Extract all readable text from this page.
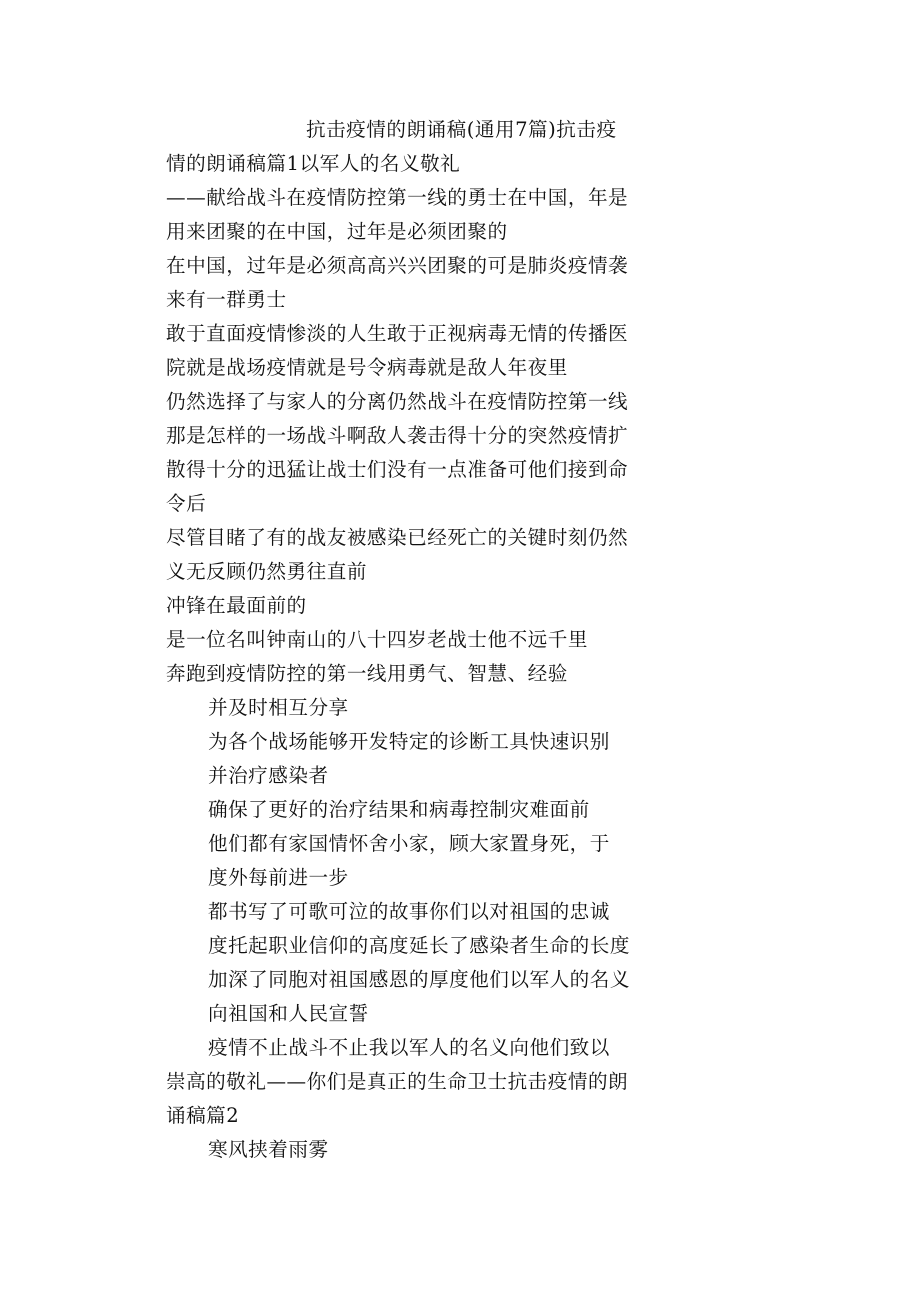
抗击疫情的朗诵稿(通用7篇)抗击疫
情的朗诵稿篇1以军人的名义敬礼
——献给战斗在疫情防控第一线的勇士在中国，年是
用来团聚的在中国，过年是必须团聚的
在中国，过年是必须高高兴兴团聚的可是肺炎疫情袭
来有一群勇士
敢于直面疫情惨淡的人生敢于正视病毒无情的传播医
院就是战场疫情就是号令病毒就是敌人年夜里
仍然选择了与家人的分离仍然战斗在疫情防控第一线
那是怎样的一场战斗啊敌人袭击得十分的突然疫情扩
散得十分的迅猛让战士们没有一点准备可他们接到命
令后
尽管目睹了有的战友被感染已经死亡的关键时刻仍然
义无反顾仍然勇往直前
冲锋在最面前的
是一位名叫钟南山的八十四岁老战士他不远千里
奔跑到疫情防控的第一线用勇气、智慧、经验
并及时相互分享
为各个战场能够开发特定的诊断工具快速识别
并治疗感染者
确保了更好的治疗结果和病毒控制灾难面前
他们都有家国情怀舍小家，顾大家置身死，于
度外每前进一步
都书写了可歌可泣的故事你们以对祖国的忠诚
度托起职业信仰的高度延长了感染者生命的长度
加深了同胞对祖国感恩的厚度他们以军人的名义
向祖国和人民宣誓
疫情不止战斗不止我以军人的名义向他们致以
崇高的敬礼——你们是真正的生命卫士抗击疫情的朗
诵稿篇2
寒风挟着雨雾
